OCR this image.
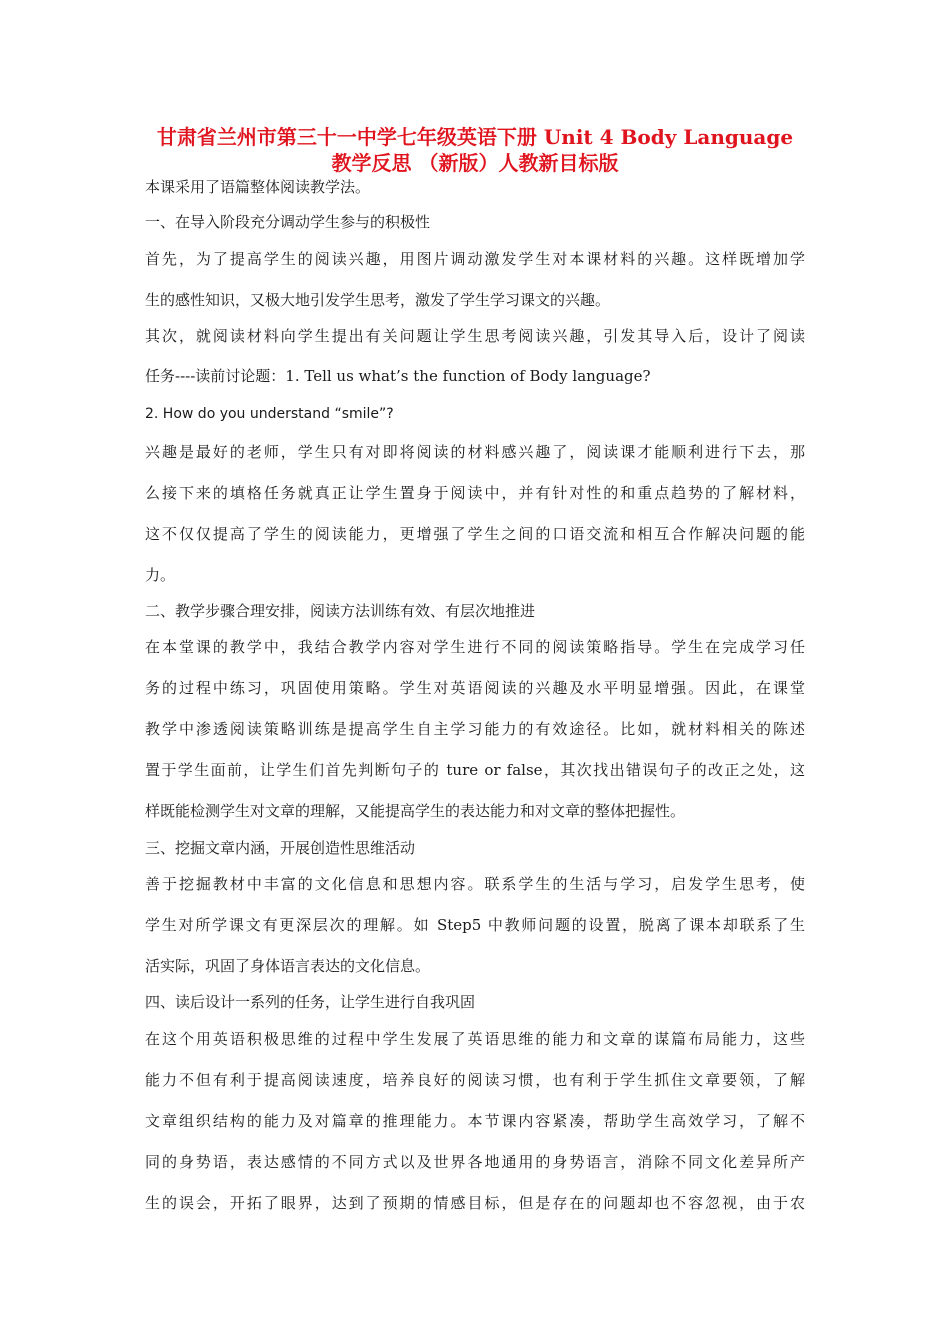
甘肃省兰州市第三十一中学七年级英语下册 Unit 4 Body Language
教学反思 （新版）人教新目标版
本课采用了语篇整体阅读教学法。
一、在导入阶段充分调动学生参与的积极性
首先，为了提高学生的阅读兴趣，用图片调动激发学生对本课材料的兴趣。这样既增加学
生的感性知识，又极大地引发学生思考，激发了学生学习课文的兴趣。
其次，就阅读材料向学生提出有关问题让学生思考阅读兴趣，引发其导入后，设计了阅读
任务----读前讨论题：1. Tell us what’s the function of Body language?
2. How do you understand “smile”?
兴趣是最好的老师，学生只有对即将阅读的材料感兴趣了，阅读课才能顺利进行下去，那
么接下来的填格任务就真正让学生置身于阅读中，并有针对性的和重点趋势的了解材料，
这不仅仅提高了学生的阅读能力，更增强了学生之间的口语交流和相互合作解决问题的能
力。
二、教学步骤合理安排，阅读方法训练有效、有层次地推进
在本堂课的教学中，我结合教学内容对学生进行不同的阅读策略指导。学生在完成学习任
务的过程中练习，巩固使用策略。学生对英语阅读的兴趣及水平明显增强。因此，在课堂
教学中渗透阅读策略训练是提高学生自主学习能力的有效途径。比如，就材料相关的陈述
置于学生面前，让学生们首先判断句子的 ture or false，其次找出错误句子的改正之处，这
样既能检测学生对文章的理解，又能提高学生的表达能力和对文章的整体把握性。
三、挖掘文章内涵，开展创造性思维活动
善于挖掘教材中丰富的文化信息和思想内容。联系学生的生活与学习，启发学生思考，使
学生对所学课文有更深层次的理解。如 Step5 中教师问题的设置，脱离了课本却联系了生
活实际，巩固了身体语言表达的文化信息。
四、读后设计一系列的任务，让学生进行自我巩固
在这个用英语积极思维的过程中学生发展了英语思维的能力和文章的谋篇布局能力，这些
能力不但有利于提高阅读速度，培养良好的阅读习惯，也有利于学生抓住文章要领，了解
文章组织结构的能力及对篇章的推理能力。本节课内容紧凑，帮助学生高效学习，了解不
同的身势语，表达感情的不同方式以及世界各地通用的身势语言，消除不同文化差异所产
生的误会，开拓了眼界，达到了预期的情感目标，但是存在的问题却也不容忽视，由于农
